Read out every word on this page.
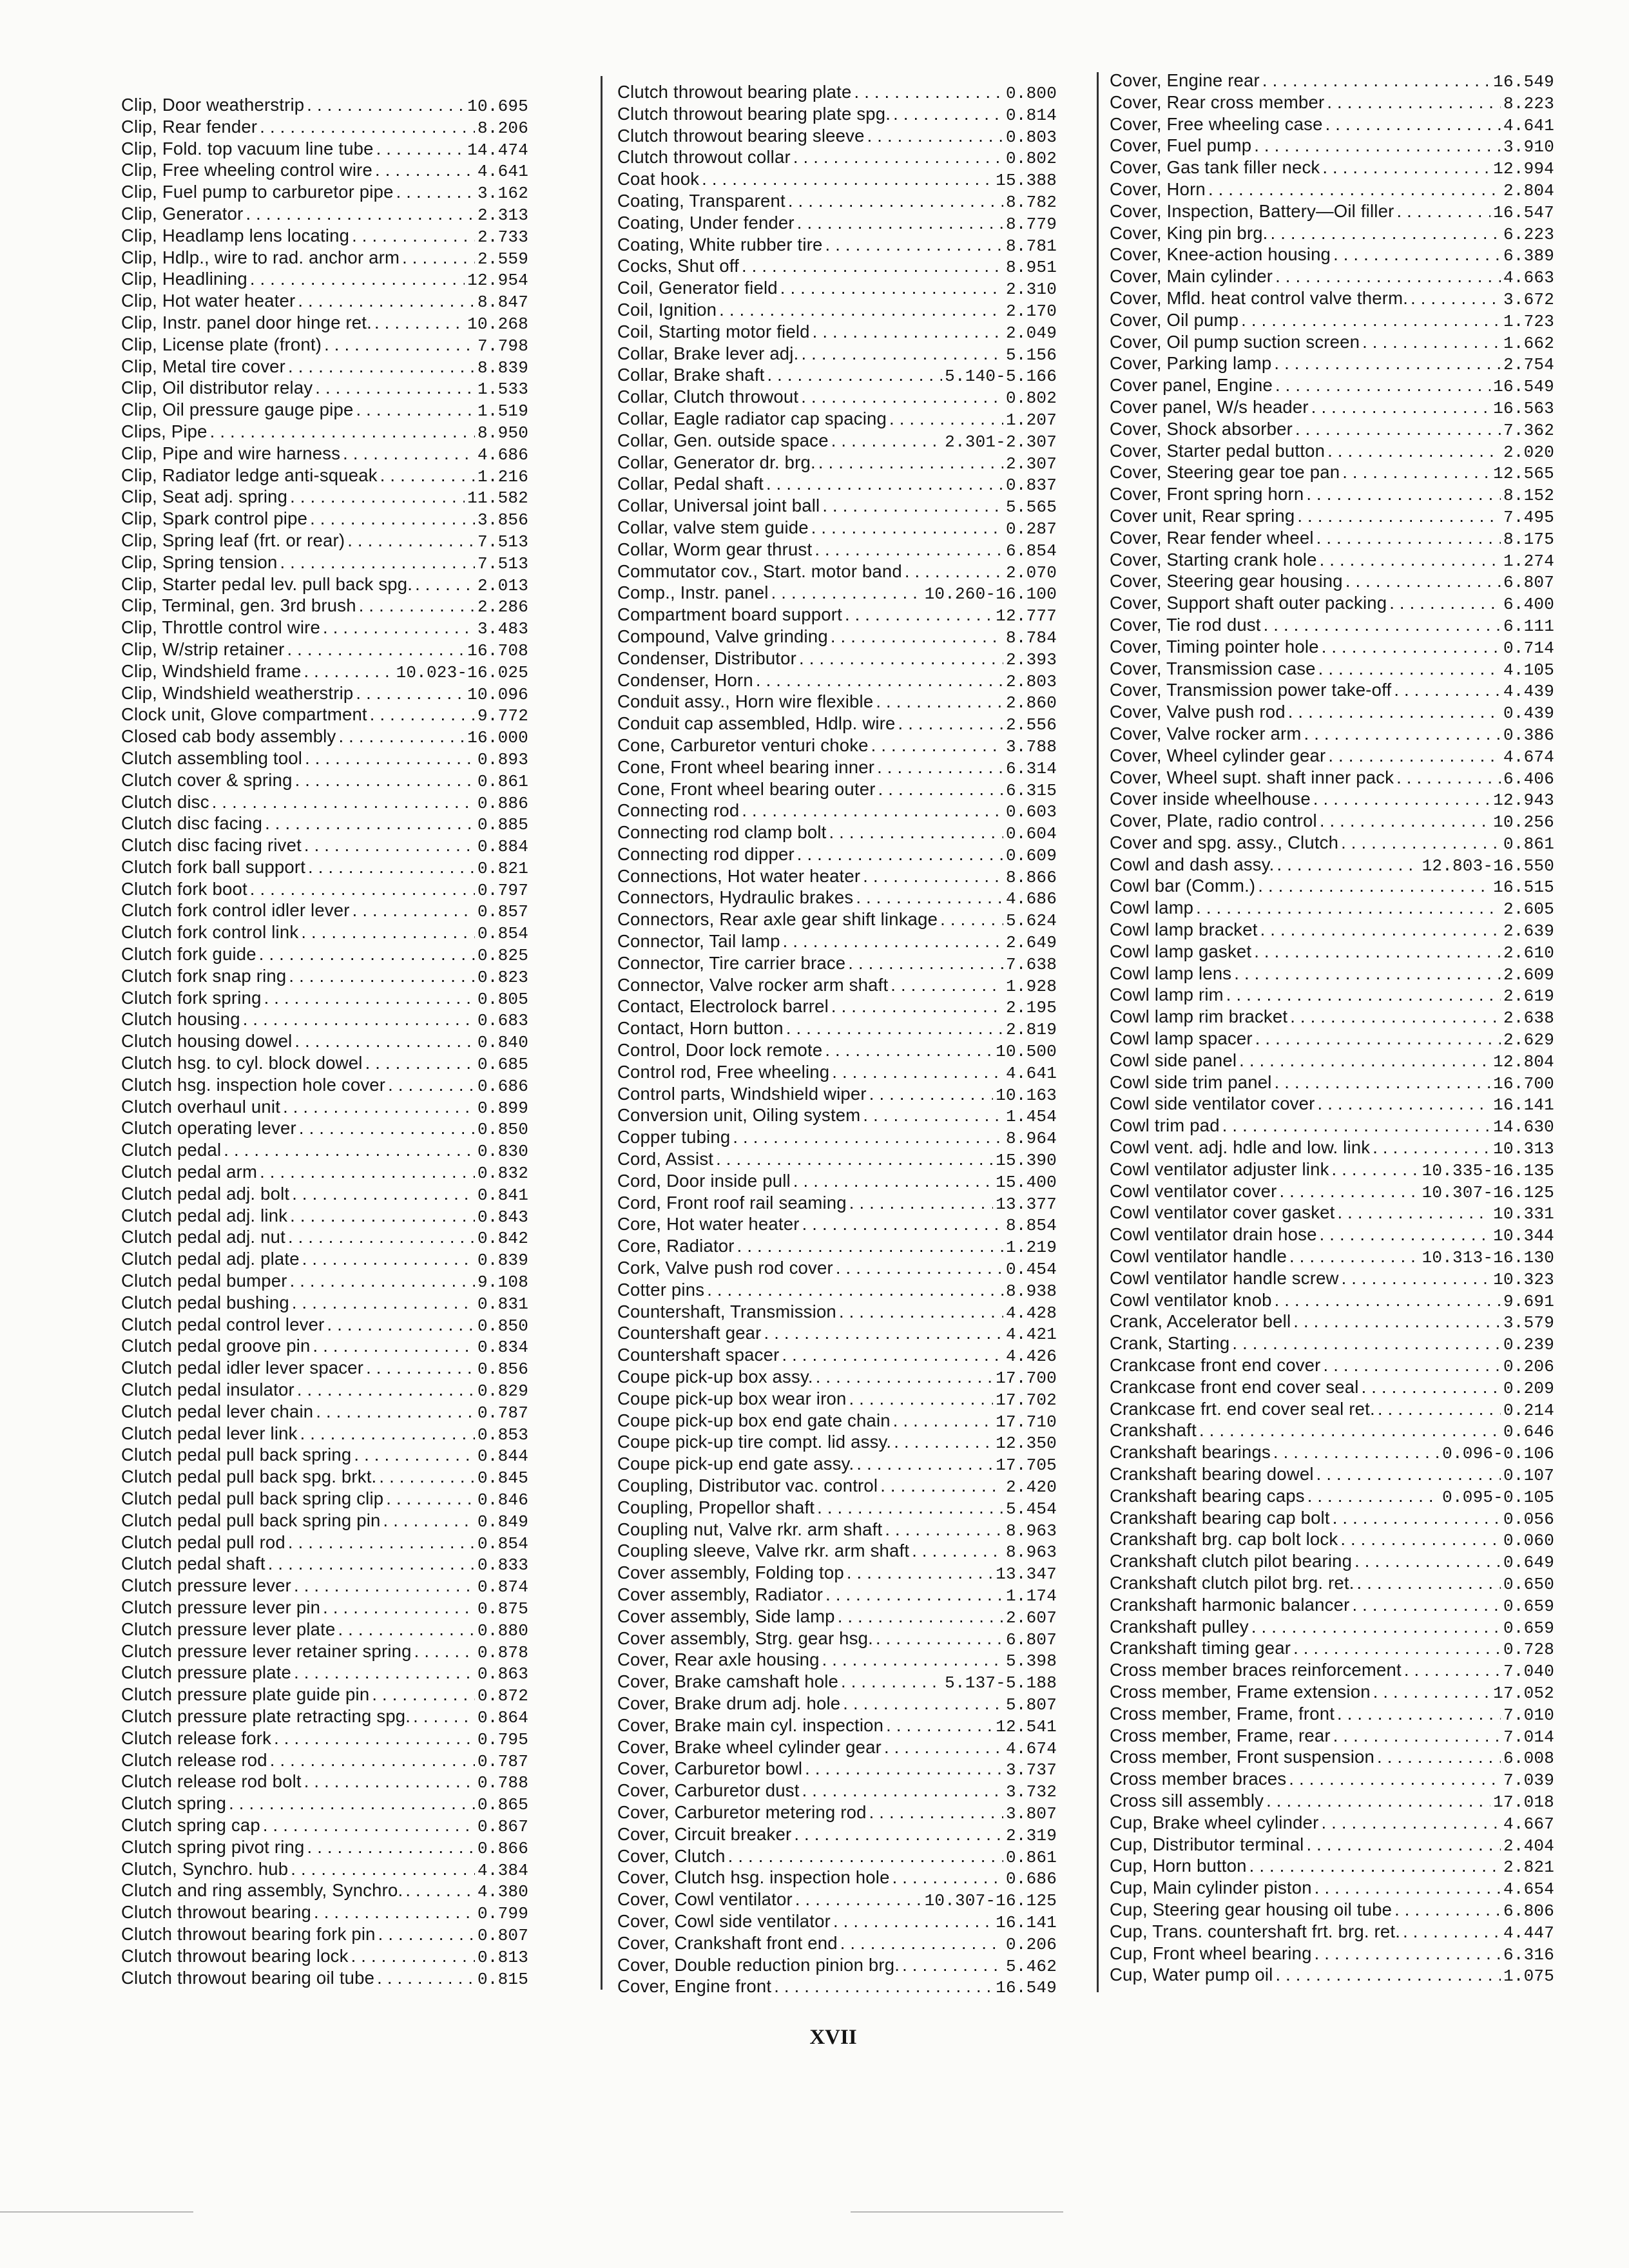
Clip, Door weatherstrip . . .	10.695
Clip, Rear fender . . .	8.206
Clip, Fold. top vacuum line tube . . .	14.474
Clip, Free wheeling control wire . . .	4.641
Clip, Fuel pump to carburetor pipe . . .	3.162
Clip, Generator . . .	2.313
Clip, Headlamp lens locating . . .	2.733
Clip, Hdlp., wire to rad. anchor arm . . .	2.559
Clip, Headlining . . .	12.954
Clip, Hot water heater . . .	8.847
Clip, Instr. panel door hinge ret. . . .	10.268
Clip, License plate (front) . . .	7.798
Clip, Metal tire cover . . .	8.839
Clip, Oil distributor relay . . .	1.533
Clip, Oil pressure gauge pipe . . .	1.519
Clips, Pipe . . .	8.950
Clip, Pipe and wire harness . . .	4.686
Clip, Radiator ledge anti-squeak . . .	1.216
Clip, Seat adj. spring . . .	11.582
Clip, Spark control pipe . . .	3.856
Clip, Spring leaf (frt. or rear) . . .	7.513
Clip, Spring tension . . .	7.513
Clip, Starter pedal lev. pull back spg. . . .	2.013
Clip, Terminal, gen. 3rd brush . . .	2.286
Clip, Throttle control wire . . .	3.483
Clip, W/strip retainer . . .	16.708
Clip, Windshield frame . . .	10.023-16.025
Clip, Windshield weatherstrip . . .	10.096
Clock unit, Glove compartment . . .	9.772
Closed cab body assembly . . .	16.000
Clutch assembling tool . . .	0.893
Clutch cover & spring . . .	0.861
Clutch disc . . .	0.886
Clutch disc facing . . .	0.885
Clutch disc facing rivet . . .	0.884
Clutch fork ball support . . .	0.821
Clutch fork boot . . .	0.797
Clutch fork control idler lever . . .	0.857
Clutch fork control link . . .	0.854
Clutch fork guide . . .	0.825
Clutch fork snap ring . . .	0.823
Clutch fork spring . . .	0.805
Clutch housing . . .	0.683
Clutch housing dowel . . .	0.840
Clutch hsg. to cyl. block dowel . . .	0.685
Clutch hsg. inspection hole cover . . .	0.686
Clutch overhaul unit . . .	0.899
Clutch operating lever . . .	0.850
Clutch pedal . . .	0.830
Clutch pedal arm . . .	0.832
Clutch pedal adj. bolt . . .	0.841
Clutch pedal adj. link . . .	0.843
Clutch pedal adj. nut . . .	0.842
Clutch pedal adj. plate . . .	0.839
Clutch pedal bumper . . .	9.108
Clutch pedal bushing . . .	0.831
Clutch pedal control lever . . .	0.850
Clutch pedal groove pin . . .	0.834
Clutch pedal idler lever spacer . . .	0.856
Clutch pedal insulator . . .	0.829
Clutch pedal lever chain . . .	0.787
Clutch pedal lever link . . .	0.853
Clutch pedal pull back spring . . .	0.844
Clutch pedal pull back spg. brkt. . . .	0.845
Clutch pedal pull back spring clip . . .	0.846
Clutch pedal pull back spring pin . . .	0.849
Clutch pedal pull rod . . .	0.854
Clutch pedal shaft . . .	0.833
Clutch pressure lever . . .	0.874
Clutch pressure lever pin . . .	0.875
Clutch pressure lever plate . . .	0.880
Clutch pressure lever retainer spring . . .	0.878
Clutch pressure plate . . .	0.863
Clutch pressure plate guide pin . . .	0.872
Clutch pressure plate retracting spg. . . .	0.864
Clutch release fork . . .	0.795
Clutch release rod . . .	0.787
Clutch release rod bolt . . .	0.788
Clutch spring . . .	0.865
Clutch spring cap . . .	0.867
Clutch spring pivot ring . . .	0.866
Clutch, Synchro. hub . . .	4.384
Clutch and ring assembly, Synchro. . . .	4.380
Clutch throwout bearing . . .	0.799
Clutch throwout bearing fork pin . . .	0.807
Clutch throwout bearing lock . . .	0.813
Clutch throwout bearing oil tube . . .	0.815
Clutch throwout bearing plate . . .	0.800
Clutch throwout bearing plate spg. . . .	0.814
Clutch throwout bearing sleeve . . .	0.803
Clutch throwout collar . . .	0.802
Coat hook . . .	15.388
Coating, Transparent . . .	8.782
Coating, Under fender . . .	8.779
Coating, White rubber tire . . .	8.781
Cocks, Shut off . . .	8.951
Coil, Generator field . . .	2.310
Coil, Ignition . . .	2.170
Coil, Starting motor field . . .	2.049
Collar, Brake lever adj. . . .	5.156
Collar, Brake shaft . . .	5.140-5.166
Collar, Clutch throwout . . .	0.802
Collar, Eagle radiator cap spacing . . .	1.207
Collar, Gen. outside space . . .	2.301-2.307
Collar, Generator dr. brg. . . .	2.307
Collar, Pedal shaft . . .	0.837
Collar, Universal joint ball . . .	5.565
Collar, valve stem guide . . .	0.287
Collar, Worm gear thrust . . .	6.854
Commutator cov., Start. motor band . . .	2.070
Comp., Instr. panel . . .	10.260-16.100
Compartment board support . . .	12.777
Compound, Valve grinding . . .	8.784
Condenser, Distributor . . .	2.393
Condenser, Horn . . .	2.803
Conduit assy., Horn wire flexible . . .	2.860
Conduit cap assembled, Hdlp. wire . . .	2.556
Cone, Carburetor venturi choke . . .	3.788
Cone, Front wheel bearing inner . . .	6.314
Cone, Front wheel bearing outer . . .	6.315
Connecting rod . . .	0.603
Connecting rod clamp bolt . . .	0.604
Connecting rod dipper . . .	0.609
Connections, Hot water heater . . .	8.866
Connectors, Hydraulic brakes . . .	4.686
Connectors, Rear axle gear shift linkage . . .	5.624
Connector, Tail lamp . . .	2.649
Connector, Tire carrier brace . . .	7.638
Connector, Valve rocker arm shaft . . .	1.928
Contact, Electrolock barrel . . .	2.195
Contact, Horn button . . .	2.819
Control, Door lock remote . . .	10.500
Control rod, Free wheeling . . .	4.641
Control parts, Windshield wiper . . .	10.163
Conversion unit, Oiling system . . .	1.454
Copper tubing . . .	8.964
Cord, Assist . . .	15.390
Cord, Door inside pull . . .	15.400
Cord, Front roof rail seaming . . .	13.377
Core, Hot water heater . . .	8.854
Core, Radiator . . .	1.219
Cork, Valve push rod cover . . .	0.454
Cotter pins . . .	8.938
Countershaft, Transmission . . .	4.428
Countershaft gear . . .	4.421
Countershaft spacer . . .	4.426
Coupe pick-up box assy. . . .	17.700
Coupe pick-up box wear iron . . .	17.702
Coupe pick-up box end gate chain . . .	17.710
Coupe pick-up tire compt. lid assy. . . .	12.350
Coupe pick-up end gate assy. . . .	17.705
Coupling, Distributor vac. control . . .	2.420
Coupling, Propellor shaft . . .	5.454
Coupling nut, Valve rkr. arm shaft . . .	8.963
Coupling sleeve, Valve rkr. arm shaft . . .	8.963
Cover assembly, Folding top . . .	13.347
Cover assembly, Radiator . . .	1.174
Cover assembly, Side lamp . . .	2.607
Cover assembly, Strg. gear hsg. . . .	6.807
Cover, Rear axle housing . . .	5.398
Cover, Brake camshaft hole . . .	5.137-5.188
Cover, Brake drum adj. hole . . .	5.807
Cover, Brake main cyl. inspection . . .	12.541
Cover, Brake wheel cylinder gear . . .	4.674
Cover, Carburetor bowl . . .	3.737
Cover, Carburetor dust . . .	3.732
Cover, Carburetor metering rod . . .	3.807
Cover, Circuit breaker . . .	2.319
Cover, Clutch . . .	0.861
Cover, Clutch hsg. inspection hole . . .	0.686
Cover, Cowl ventilator . . .	10.307-16.125
Cover, Cowl side ventilator . . .	16.141
Cover, Crankshaft front end . . .	0.206
Cover, Double reduction pinion brg. . . .	5.462
Cover, Engine front . . .	16.549
Cover, Engine rear . . .	16.549
Cover, Rear cross member . . .	8.223
Cover, Free wheeling case . . .	4.641
Cover, Fuel pump . . .	3.910
Cover, Gas tank filler neck . . .	12.994
Cover, Horn . . .	2.804
Cover, Inspection, Battery—Oil filler . . .	16.547
Cover, King pin brg. . . .	6.223
Cover, Knee-action housing . . .	6.389
Cover, Main cylinder . . .	4.663
Cover, Mfld. heat control valve therm. . . .	3.672
Cover, Oil pump . . .	1.723
Cover, Oil pump suction screen . . .	1.662
Cover, Parking lamp . . .	2.754
Cover panel, Engine . . .	16.549
Cover panel, W/s header . . .	16.563
Cover, Shock absorber . . .	7.362
Cover, Starter pedal button . . .	2.020
Cover, Steering gear toe pan . . .	12.565
Cover, Front spring horn . . .	8.152
Cover unit, Rear spring . . .	7.495
Cover, Rear fender wheel . . .	8.175
Cover, Starting crank hole . . .	1.274
Cover, Steering gear housing . . .	6.807
Cover, Support shaft outer packing . . .	6.400
Cover, Tie rod dust . . .	6.111
Cover, Timing pointer hole . . .	0.714
Cover, Transmission case . . .	4.105
Cover, Transmission power take-off . . .	4.439
Cover, Valve push rod . . .	0.439
Cover, Valve rocker arm . . .	0.386
Cover, Wheel cylinder gear . . .	4.674
Cover, Wheel supt. shaft inner pack . . .	6.406
Cover inside wheelhouse . . .	12.943
Cover, Plate, radio control . . .	10.256
Cover and spg. assy., Clutch . . .	0.861
Cowl and dash assy. . . .	12.803-16.550
Cowl bar (Comm.) . . .	16.515
Cowl lamp . . .	2.605
Cowl lamp bracket . . .	2.639
Cowl lamp gasket . . .	2.610
Cowl lamp lens . . .	2.609
Cowl lamp rim . . .	2.619
Cowl lamp rim bracket . . .	2.638
Cowl lamp spacer . . .	2.629
Cowl side panel . . .	12.804
Cowl side trim panel . . .	16.700
Cowl side ventilator cover . . .	16.141
Cowl trim pad . . .	14.630
Cowl vent. adj. hdle and low. link . . .	10.313
Cowl ventilator adjuster link . . .	10.335-16.135
Cowl ventilator cover . . .	10.307-16.125
Cowl ventilator cover gasket . . .	10.331
Cowl ventilator drain hose . . .	10.344
Cowl ventilator handle . . .	10.313-16.130
Cowl ventilator handle screw . . .	10.323
Cowl ventilator knob . . .	9.691
Crank, Accelerator bell . . .	3.579
Crank, Starting . . .	0.239
Crankcase front end cover . . .	0.206
Crankcase front end cover seal . . .	0.209
Crankcase frt. end cover seal ret. . . .	0.214
Crankshaft . . .	0.646
Crankshaft bearings . . .	0.096-0.106
Crankshaft bearing dowel . . .	0.107
Crankshaft bearing caps . . .	0.095-0.105
Crankshaft bearing cap bolt . . .	0.056
Crankshaft brg. cap bolt lock . . .	0.060
Crankshaft clutch pilot bearing . . .	0.649
Crankshaft clutch pilot brg. ret. . . .	0.650
Crankshaft harmonic balancer . . .	0.659
Crankshaft pulley . . .	0.659
Crankshaft timing gear . . .	0.728
Cross member braces reinforcement . . .	7.040
Cross member, Frame extension . . .	17.052
Cross member, Frame, front . . .	7.010
Cross member, Frame, rear . . .	7.014
Cross member, Front suspension . . .	6.008
Cross member braces . . .	7.039
Cross sill assembly . . .	17.018
Cup, Brake wheel cylinder . . .	4.667
Cup, Distributor terminal . . .	2.404
Cup, Horn button . . .	2.821
Cup, Main cylinder piston . . .	4.654
Cup, Steering gear housing oil tube . . .	6.806
Cup, Trans. countershaft frt. brg. ret. . . .	4.447
Cup, Front wheel bearing . . .	6.316
Cup, Water pump oil . . .	1.075
XVII
